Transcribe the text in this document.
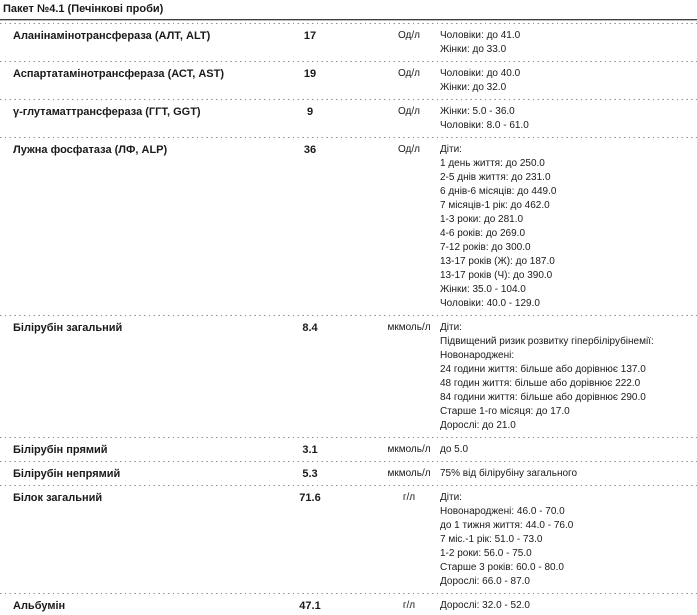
Пакет №4.1 (Печінкові проби)
Аланінамінотрансфераза (АЛТ, ALT)	17	Од/л	Чоловіки: до 41.0
Жінки: до 33.0
Аспартатамінотрансфераза (АСТ, AST)	19	Од/л	Чоловіки: до 40.0
Жінки: до 32.0
γ-глутаматтрансфераза (ГГТ, GGT)	9	Од/л	Жінки: 5.0 - 36.0
Чоловіки: 8.0 - 61.0
Лужна фосфатаза (ЛФ, ALP)	36	Од/л	Діти:
1 день життя: до 250.0
2-5 днів життя: до 231.0
6 днів-6 місяців: до 449.0
7 місяців-1 рік: до 462.0
1-3 роки: до 281.0
4-6 років: до 269.0
7-12 років: до 300.0
13-17 років (Ж): до 187.0
13-17 років (Ч): до 390.0
Жінки: 35.0 - 104.0
Чоловіки: 40.0 - 129.0
Білірубін загальний	8.4	мкмоль/л Діти:
Підвищений ризик розвитку гіпербілірубінемії:
Новонароджені:
24 години життя: більше або дорівнює 137.0
48 годин життя: більше або дорівнює 222.0
84 години життя: більше або дорівнює 290.0
Старше 1-го місяця: до 17.0
Дорослі: до 21.0
Білірубін прямий	3.1	мкмоль/л до 5.0
Білірубін непрямий	5.3	мкмоль/л 75% від білірубіну загального
Білок загальний	71.6	г/л	Діти:
Новонароджені: 46.0 - 70.0
до 1 тижня життя: 44.0 - 76.0
7 міс.-1 рік: 51.0 - 73.0
1-2 роки: 56.0 - 75.0
Старше 3 років: 60.0 - 80.0
Дорослі: 66.0 - 87.0
Альбумін	47.1	г/л	Дорослі: 32.0 - 52.0
